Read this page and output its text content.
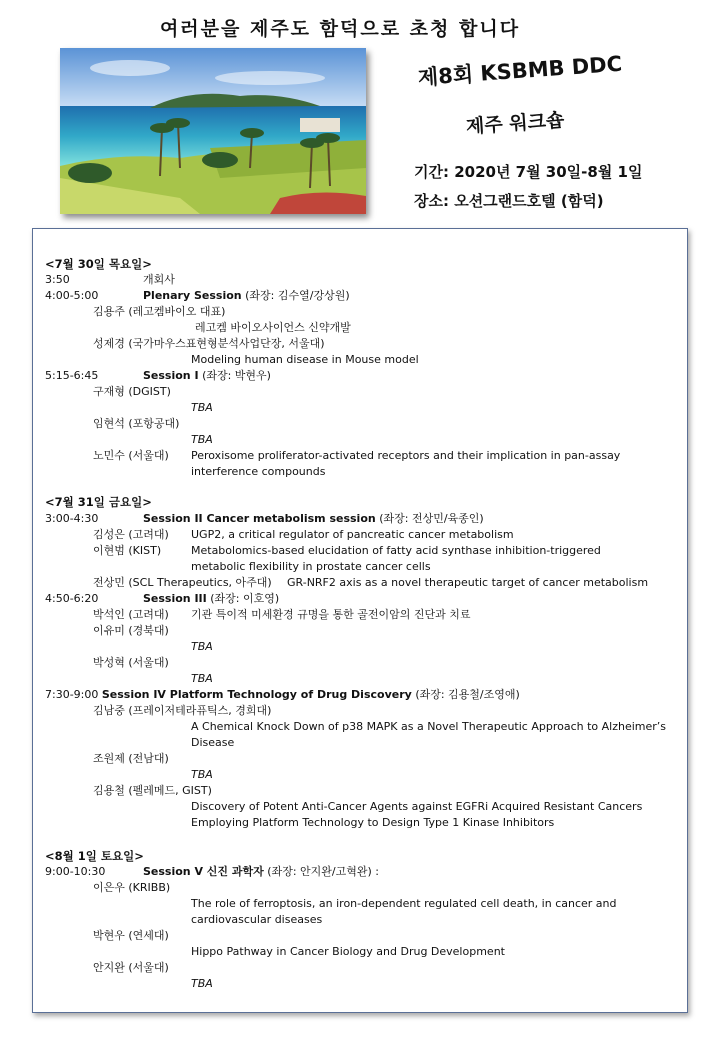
여러분을 제주도 함덕으로 초청 합니다
제8회 KSBMB DDC
제주 워크숍
기간: 2020년 7월 30일-8월 1일
장소: 오션그랜드호텔 (함덕)
<7월 30일 목요일>
3:50	개회사
4:00-5:00	Plenary Session (좌장: 김수열/강상원)
김용주 (레고켐바이오 대표)
레고켐 바이오사이언스 신약개발
성제경 (국가마우스표현형분석사업단장, 서울대)
Modeling human disease in Mouse model
5:15-6:45	Session I (좌장: 박현우)
구재형 (DGIST)
TBA
임현석 (포항공대)
TBA
노민수 (서울대) Peroxisome proliferator-activated receptors and their implication in pan-assay
interference compounds
<7월 31일 금요일>
3:00-4:30	Session II Cancer metabolism session (좌장: 전상민/육종인)
김성은 (고려대) UGP2, a critical regulator of pancreatic cancer metabolism
이현범 (KIST)	Metabolomics-based elucidation of fatty acid synthase inhibition-triggered
metabolic flexibility in prostate cancer cells
전상민 (SCL Therapeutics, 아주대) GR-NRF2 axis as a novel therapeutic target of cancer metabolism
4:50-6:20	Session III (좌장: 이호영)
박석인 (고려대) 기관 특이적 미세환경 규명을 통한 골전이암의 진단과 치료
이유미 (경북대)
TBA
박성혁 (서울대)
TBA
7:30-9:00 Session IV Platform Technology of Drug Discovery (좌장: 김용철/조영애)
김남중 (프레이저테라퓨틱스, 경희대)
A Chemical Knock Down of p38 MAPK as a Novel Therapeutic Approach to Alzheimer’s
Disease
조원제 (전남대)
TBA
김용철 (펠레메드, GIST)
Discovery of Potent Anti-Cancer Agents against EGFRi Acquired Resistant Cancers
Employing Platform Technology to Design Type 1 Kinase Inhibitors
<8월 1일 토요일>
9:00-10:30	Session V 신진 과학자 (좌장: 안지완/고혁완) :
이은우 (KRIBB)
The role of ferroptosis, an iron-dependent regulated cell death, in cancer and
cardiovascular diseases
박현우 (연세대)
Hippo Pathway in Cancer Biology and Drug Development
안지완 (서울대)
TBA
